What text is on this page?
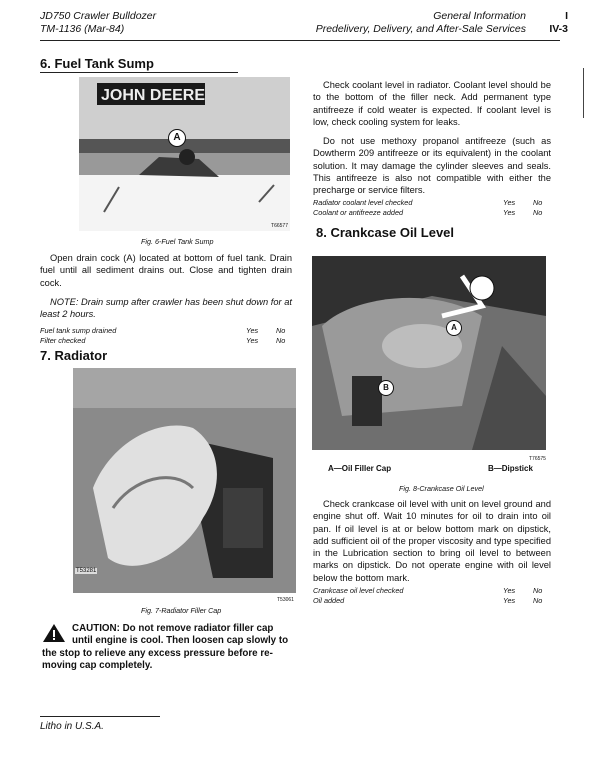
JD750 Crawler Bulldozer
TM-1136 (Mar-84)
General Information
Predelivery, Delivery, and After-Sale Services
I
IV-3
6. Fuel Tank Sump
JOHN DEERE
A
T66577
Fig. 6-Fuel Tank Sump
Open drain cock (A) located at bottom of fuel tank. Drain fuel until all sediment drains out. Close and tighten drain cock.
NOTE: Drain sump after crawler has been shut down for at least 2 hours.
Fuel tank sump drained	Yes	No
Filter checked	Yes	No
7. Radiator
T53281
T53061
Fig. 7-Radiator Filler Cap
CAUTION: Do not remove radiator filler cap
until engine is cool. Then loosen cap slowly to
the stop to relieve any excess pressure before re-
moving cap completely.
Check coolant level in radiator. Coolant level should be to the bottom of the filler neck. Add permanent type antifreeze if cold weater is expected. If coolant level is low, check cooling system for leaks.
Do not use methoxy propanol antifreeze (such as Dowtherm 209 antifreeze or its equivalent) in the coolant solution. It may damage the cylinder sleeves and seals. This antifreeze is also not compatible with either the precharge or service filters.
Radiator coolant level checked	Yes	No
Coolant or antifreeze added	Yes	No
8. Crankcase Oil Level
A
B
T76575
A—Oil Filler Cap	B—Dipstick
Fig. 8-Crankcase Oil Level
Check crankcase oil level with unit on level ground and engine shut off. Wait 10 minutes for oil to drain into oil pan. If oil level is at or below bottom mark on dipstick, add sufficient oil of the proper viscosity and type specified in the Lubrication section to bring oil level to between marks on dipstick. Do not operate engine with oil level below the bottom mark.
Crankcase oil level checked	Yes	No
Oil added	Yes	No
Litho in U.S.A.
